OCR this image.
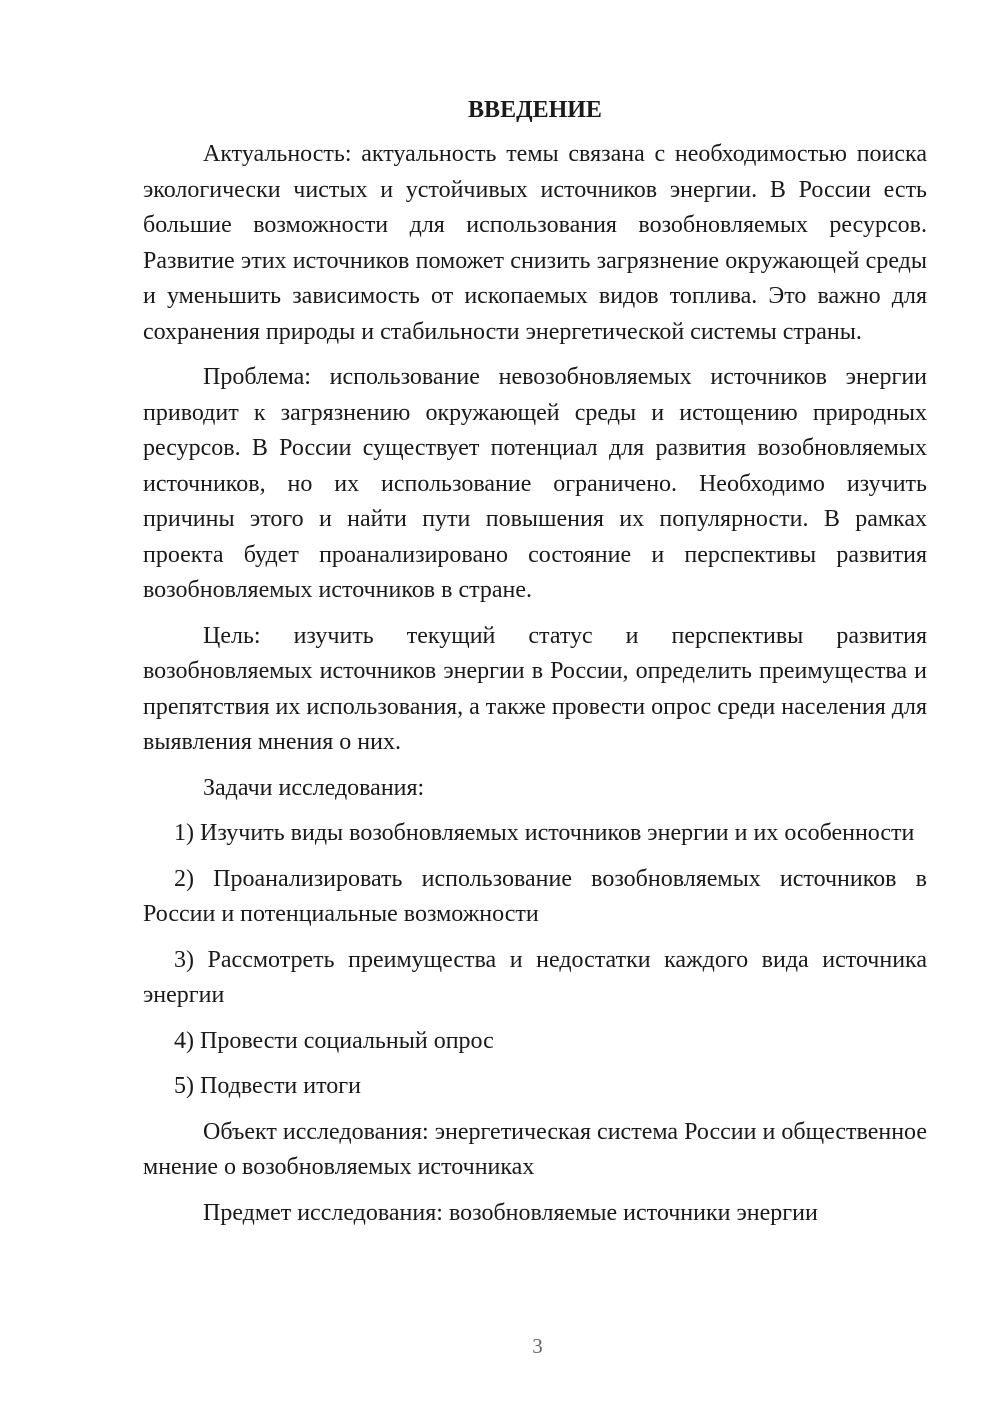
ВВЕДЕНИЕ

Актуальность: актуальность темы связана с необходимостью поиска экологически чистых и устойчивых источников энергии. В России есть большие возможности для использования возобновляемых ресурсов. Развитие этих источников поможет снизить загрязнение окружающей среды и уменьшить зависимость от ископаемых видов топлива. Это важно для сохранения природы и стабильности энергетической системы страны.

Проблема: использование невозобновляемых источников энергии приводит к загрязнению окружающей среды и истощению природных ресурсов. В России существует потенциал для развития возобновляемых источников, но их использование ограничено. Необходимо изучить причины этого и найти пути повышения их популярности. В рамках проекта будет проанализировано состояние и перспективы развития возобновляемых источников в стране.

Цель: изучить текущий статус и перспективы развития возобновляемых источников энергии в России, определить преимущества и препятствия их использования, а также провести опрос среди населения для выявления мнения о них.

Задачи исследования:

1) Изучить виды возобновляемых источников энергии и их особенности

2) Проанализировать использование возобновляемых источников в России и потенциальные возможности

3) Рассмотреть преимущества и недостатки каждого вида источника энергии

4) Провести социальный опрос

5) Подвести итоги

Объект исследования: энергетическая система России и общественное мнение о возобновляемых источниках

Предмет исследования: возобновляемые источники энергии

3
